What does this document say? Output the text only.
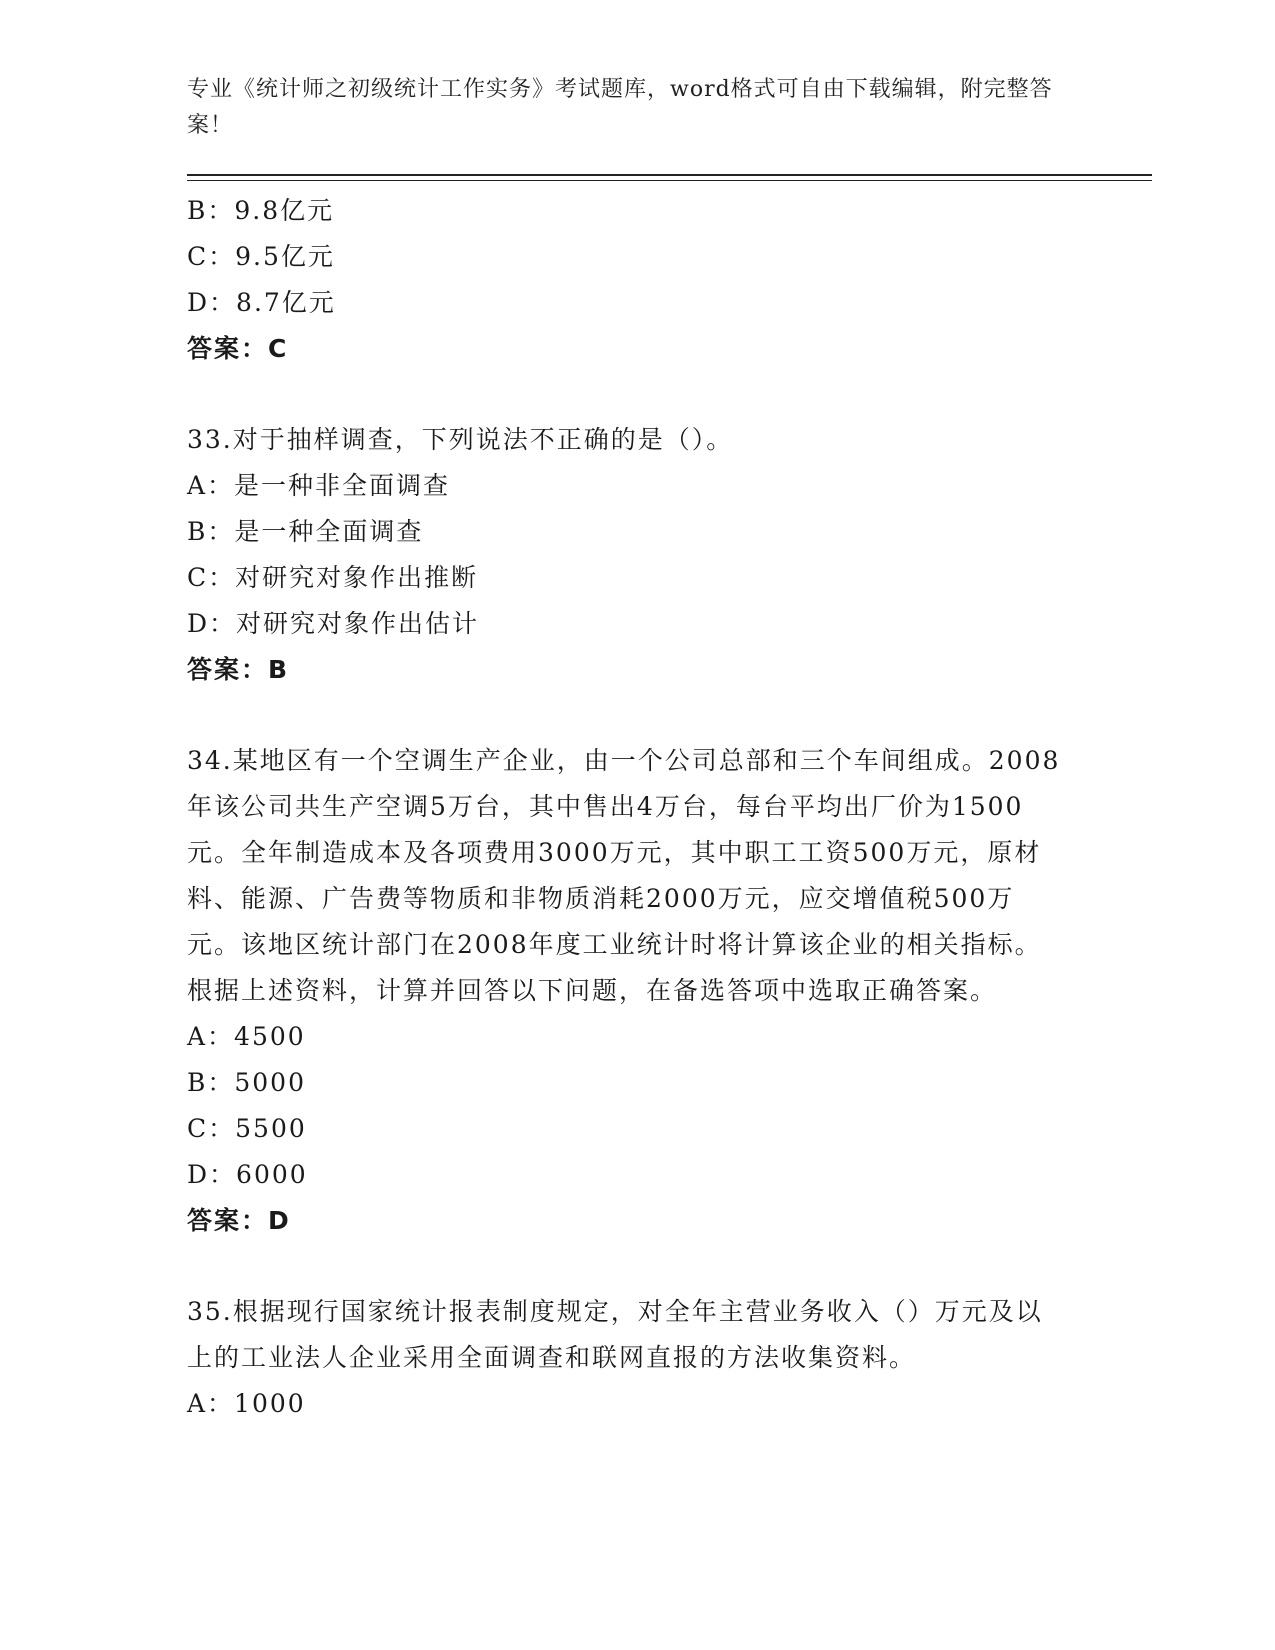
专业《统计师之初级统计工作实务》考试题库，word格式可自由下载编辑，附完整答案！
B：9.8亿元
C：9.5亿元
D：8.7亿元
答案：C
33.对于抽样调查，下列说法不正确的是（）。
A：是一种非全面调查
B：是一种全面调查
C：对研究对象作出推断
D：对研究对象作出估计
答案：B
34.某地区有一个空调生产企业，由一个公司总部和三个车间组成。2008年该公司共生产空调5万台，其中售出4万台，每台平均出厂价为1500元。全年制造成本及各项费用3000万元，其中职工工资500万元，原材料、能源、广告费等物质和非物质消耗2000万元，应交增值税500万元。该地区统计部门在2008年度工业统计时将计算该企业的相关指标。根据上述资料，计算并回答以下问题，在备选答项中选取正确答案。
A：4500
B：5000
C：5500
D：6000
答案：D
35.根据现行国家统计报表制度规定，对全年主营业务收入（）万元及以上的工业法人企业采用全面调查和联网直报的方法收集资料。
A：1000
